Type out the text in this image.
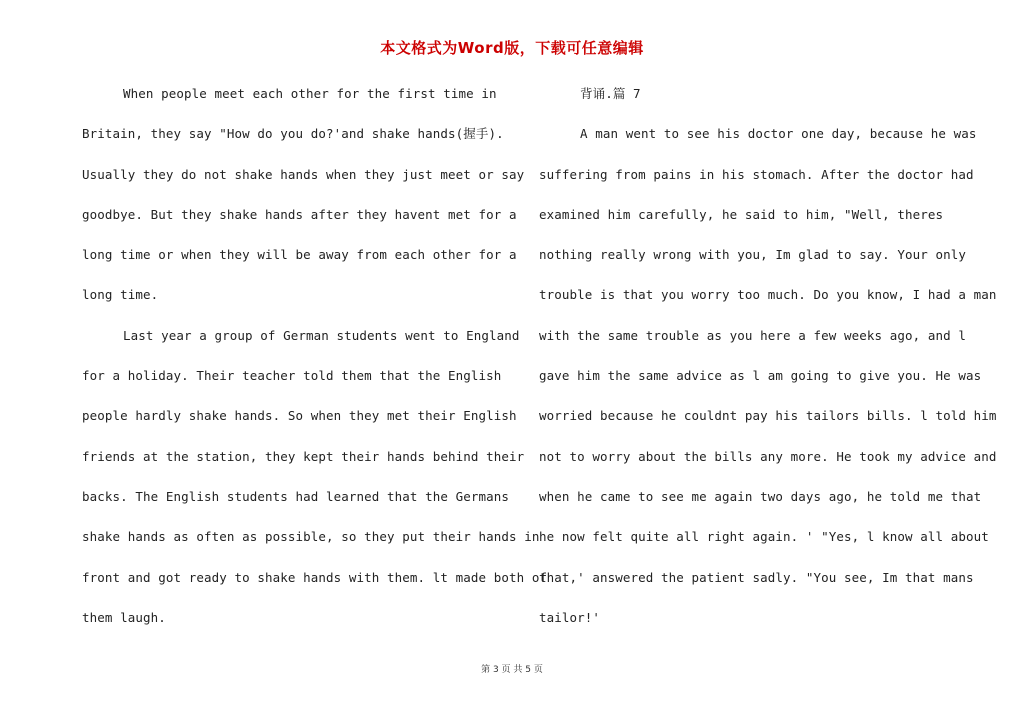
本文格式为Word版，下载可任意编辑
When people meet each other for the first time in
Britain, they say "How do you do?'and shake hands(握手).
Usually they do not shake hands when they just meet or say
goodbye. But they shake hands after they havent met for a
long time or when they will be away from each other for a
long time.
Last year a group of German students went to England
for a holiday. Their teacher told them that the English
people hardly shake hands. So when they met their English
friends at the station, they kept their hands behind their
backs. The English students had learned that the Germans
shake hands as often as possible, so they put their hands in
front and got ready to shake hands with them. lt made both of
them laugh.
背诵.篇 7
A man went to see his doctor one day, because he was
suffering from pains in his stomach. After the doctor had
examined him carefully, he said to him, "Well, theres
nothing really wrong with you, Im glad to say. Your only
trouble is that you worry too much. Do you know, I had a man
with the same trouble as you here a few weeks ago, and l
gave him the same advice as l am going to give you. He was
worried because he couldnt pay his tailors bills. l told him
not to worry about the bills any more. He took my advice and
when he came to see me again two days ago, he told me that
he now felt quite all right again. ' "Yes, l know all about
that,' answered the patient sadly. "You see, Im that mans
tailor!'
第 3 页 共 5 页
